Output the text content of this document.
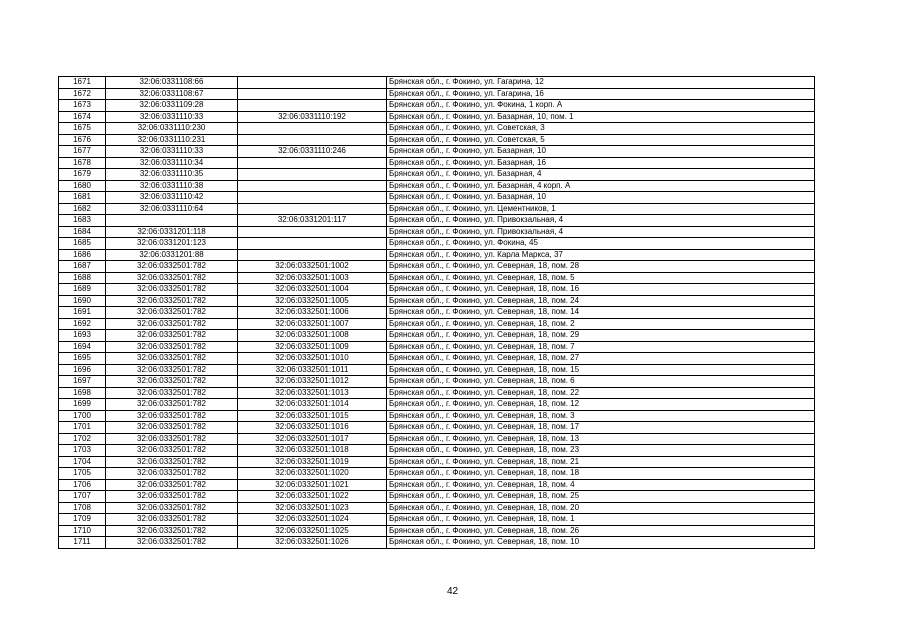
1671	32:06:0331108:66		Брянская обл., г. Фокино, ул. Гагарина, 12
1672	32:06:0331108:67		Брянская обл., г. Фокино, ул. Гагарина, 16
1673	32:06:0331109:28		Брянская обл., г. Фокино, ул. Фокина, 1 корп. А
1674	32:06:0331110:33	32:06:0331110:192	Брянская обл., г. Фокино, ул. Базарная, 10, пом. 1
1675	32:06:0331110:230		Брянская обл., г. Фокино, ул. Советская, 3
1676	32:06:0331110:231		Брянская обл., г. Фокино, ул. Советская, 5
1677	32:06:0331110:33	32:06:0331110:246	Брянская обл., г. Фокино, ул. Базарная, 10
1678	32:06:0331110:34		Брянская обл., г. Фокино, ул. Базарная, 16
1679	32:06:0331110:35		Брянская обл., г. Фокино, ул. Базарная, 4
1680	32:06:0331110:38		Брянская обл., г. Фокино, ул. Базарная, 4 корп. А
1681	32:06:0331110:42		Брянская обл., г. Фокино, ул. Базарная, 10
1682	32:06:0331110:64		Брянская обл., г. Фокино, ул. Цементников, 1
1683		32:06:0331201:117	Брянская обл., г. Фокино, ул. Привокзальная, 4
1684	32:06:0331201:118		Брянская обл., г. Фокино, ул. Привокзальная, 4
1685	32:06:0331201:123		Брянская обл., г. Фокино, ул. Фокина, 45
1686	32:06:0331201:88		Брянская обл., г. Фокино, ул. Карла Маркса, 37
1687	32:06:0332501:782	32:06:0332501:1002	Брянская обл., г. Фокино, ул. Северная, 18, пом. 28
1688	32:06:0332501:782	32:06:0332501:1003	Брянская обл., г. Фокино, ул. Северная, 18, пом. 5
1689	32:06:0332501:782	32:06:0332501:1004	Брянская обл., г. Фокино, ул. Северная, 18, пом. 16
1690	32:06:0332501:782	32:06:0332501:1005	Брянская обл., г. Фокино, ул. Северная, 18, пом. 24
1691	32:06:0332501:782	32:06:0332501:1006	Брянская обл., г. Фокино, ул. Северная, 18, пом. 14
1692	32:06:0332501:782	32:06:0332501:1007	Брянская обл., г. Фокино, ул. Северная, 18, пом. 2
1693	32:06:0332501:782	32:06:0332501:1008	Брянская обл., г. Фокино, ул. Северная, 18, пом. 29
1694	32:06:0332501:782	32:06:0332501:1009	Брянская обл., г. Фокино, ул. Северная, 18, пом. 7
1695	32:06:0332501:782	32:06:0332501:1010	Брянская обл., г. Фокино, ул. Северная, 18, пом. 27
1696	32:06:0332501:782	32:06:0332501:1011	Брянская обл., г. Фокино, ул. Северная, 18, пом. 15
1697	32:06:0332501:782	32:06:0332501:1012	Брянская обл., г. Фокино, ул. Северная, 18, пом. 6
1698	32:06:0332501:782	32:06:0332501:1013	Брянская обл., г. Фокино, ул. Северная, 18, пом. 22
1699	32:06:0332501:782	32:06:0332501:1014	Брянская обл., г. Фокино, ул. Северная, 18, пом. 12
1700	32:06:0332501:782	32:06:0332501:1015	Брянская обл., г. Фокино, ул. Северная, 18, пом. 3
1701	32:06:0332501:782	32:06:0332501:1016	Брянская обл., г. Фокино, ул. Северная, 18, пом. 17
1702	32:06:0332501:782	32:06:0332501:1017	Брянская обл., г. Фокино, ул. Северная, 18, пом. 13
1703	32:06:0332501:782	32:06:0332501:1018	Брянская обл., г. Фокино, ул. Северная, 18, пом. 23
1704	32:06:0332501:782	32:06:0332501:1019	Брянская обл., г. Фокино, ул. Северная, 18, пом. 21
1705	32:06:0332501:782	32:06:0332501:1020	Брянская обл., г. Фокино, ул. Северная, 18, пом. 18
1706	32:06:0332501:782	32:06:0332501:1021	Брянская обл., г. Фокино, ул. Северная, 18, пом. 4
1707	32:06:0332501:782	32:06:0332501:1022	Брянская обл., г. Фокино, ул. Северная, 18, пом. 25
1708	32:06:0332501:782	32:06:0332501:1023	Брянская обл., г. Фокино, ул. Северная, 18, пом. 20
1709	32:06:0332501:782	32:06:0332501:1024	Брянская обл., г. Фокино, ул. Северная, 18, пом. 1
1710	32:06:0332501:782	32:06:0332501:1025	Брянская обл., г. Фокино, ул. Северная, 18, пом. 26
1711	32:06:0332501:782	32:06:0332501:1026	Брянская обл., г. Фокино, ул. Северная, 18, пом. 10
42
